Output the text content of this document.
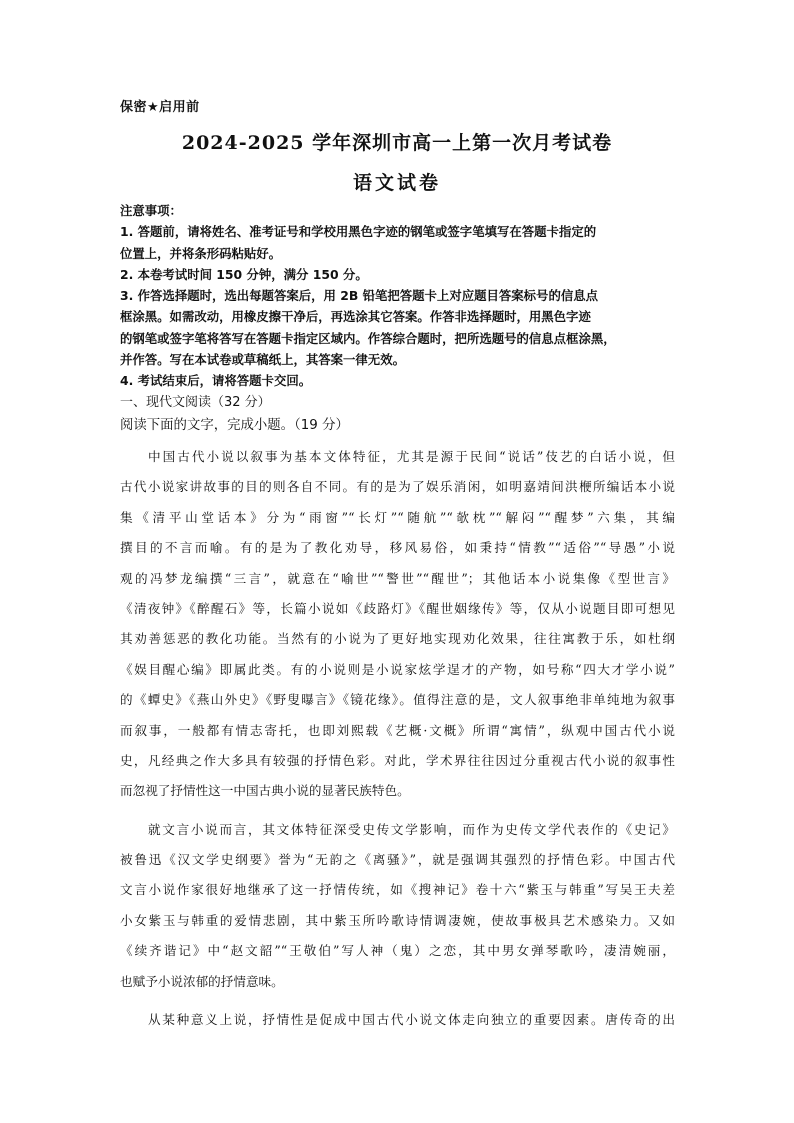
保密★启用前
2024-2025 学年深圳市高一上第一次月考试卷
语文试卷
注意事项：
1. 答题前，请将姓名、准考证号和学校用黑色字迹的钢笔或签字笔填写在答题卡指定的
位置上，并将条形码粘贴好。
2. 本卷考试时间 150 分钟，满分 150 分。
3. 作答选择题时，选出每题答案后，用 2B 铅笔把答题卡上对应题目答案标号的信息点
框涂黑。如需改动，用橡皮擦干净后，再选涂其它答案。作答非选择题时，用黑色字迹
的钢笔或签字笔将答写在答题卡指定区域内。作答综合题时，把所选题号的信息点框涂黑，
并作答。写在本试卷或草稿纸上，其答案一律无效。
4. 考试结束后，请将答题卡交回。
一、现代文阅读（32 分）
阅读下面的文字，完成小题。（19 分）
中国古代小说以叙事为基本文体特征，尤其是源于民间“说话”伎艺的白话小说，但
古代小说家讲故事的目的则各自不同。有的是为了娱乐消闲，如明嘉靖间洪楩所编话本小说
集《清平山堂话本》分为“雨窗”“长灯”“随航”“欹枕”“解闷”“醒梦”六集，其编
撰目的不言而喻。有的是为了教化劝导，移风易俗，如秉持“情教”“适俗”“导愚”小说
观的冯梦龙编撰“三言”，就意在“喻世”“警世”“醒世”；其他话本小说集像《型世言》
《清夜钟》《醉醒石》等，长篇小说如《歧路灯》《醒世姻缘传》等，仅从小说题目即可想见
其劝善惩恶的教化功能。当然有的小说为了更好地实现劝化效果，往往寓教于乐，如杜纲
《娱目醒心编》即属此类。有的小说则是小说家炫学逞才的产物，如号称“四大才学小说”
的《蟫史》《燕山外史》《野叟曝言》《镜花缘》。值得注意的是，文人叙事绝非单纯地为叙事
而叙事，一般都有情志寄托，也即刘熙载《艺概·文概》所谓“寓情”，纵观中国古代小说
史，凡经典之作大多具有较强的抒情色彩。对此，学术界往往因过分重视古代小说的叙事性
而忽视了抒情性这一中国古典小说的显著民族特色。
就文言小说而言，其文体特征深受史传文学影响，而作为史传文学代表作的《史记》
被鲁迅《汉文学史纲要》誉为“无韵之《离骚》”，就是强调其强烈的抒情色彩。中国古代
文言小说作家很好地继承了这一抒情传统，如《搜神记》卷十六“紫玉与韩重”写吴王夫差
小女紫玉与韩重的爱情悲剧，其中紫玉所吟歌诗情调凄婉，使故事极具艺术感染力。又如
《续齐谐记》中“赵文韶”“王敬伯”写人神（鬼）之恋，其中男女弹琴歌吟，凄清婉丽，
也赋予小说浓郁的抒情意味。
从某种意义上说，抒情性是促成中国古代小说文体走向独立的重要因素。唐传奇的出
